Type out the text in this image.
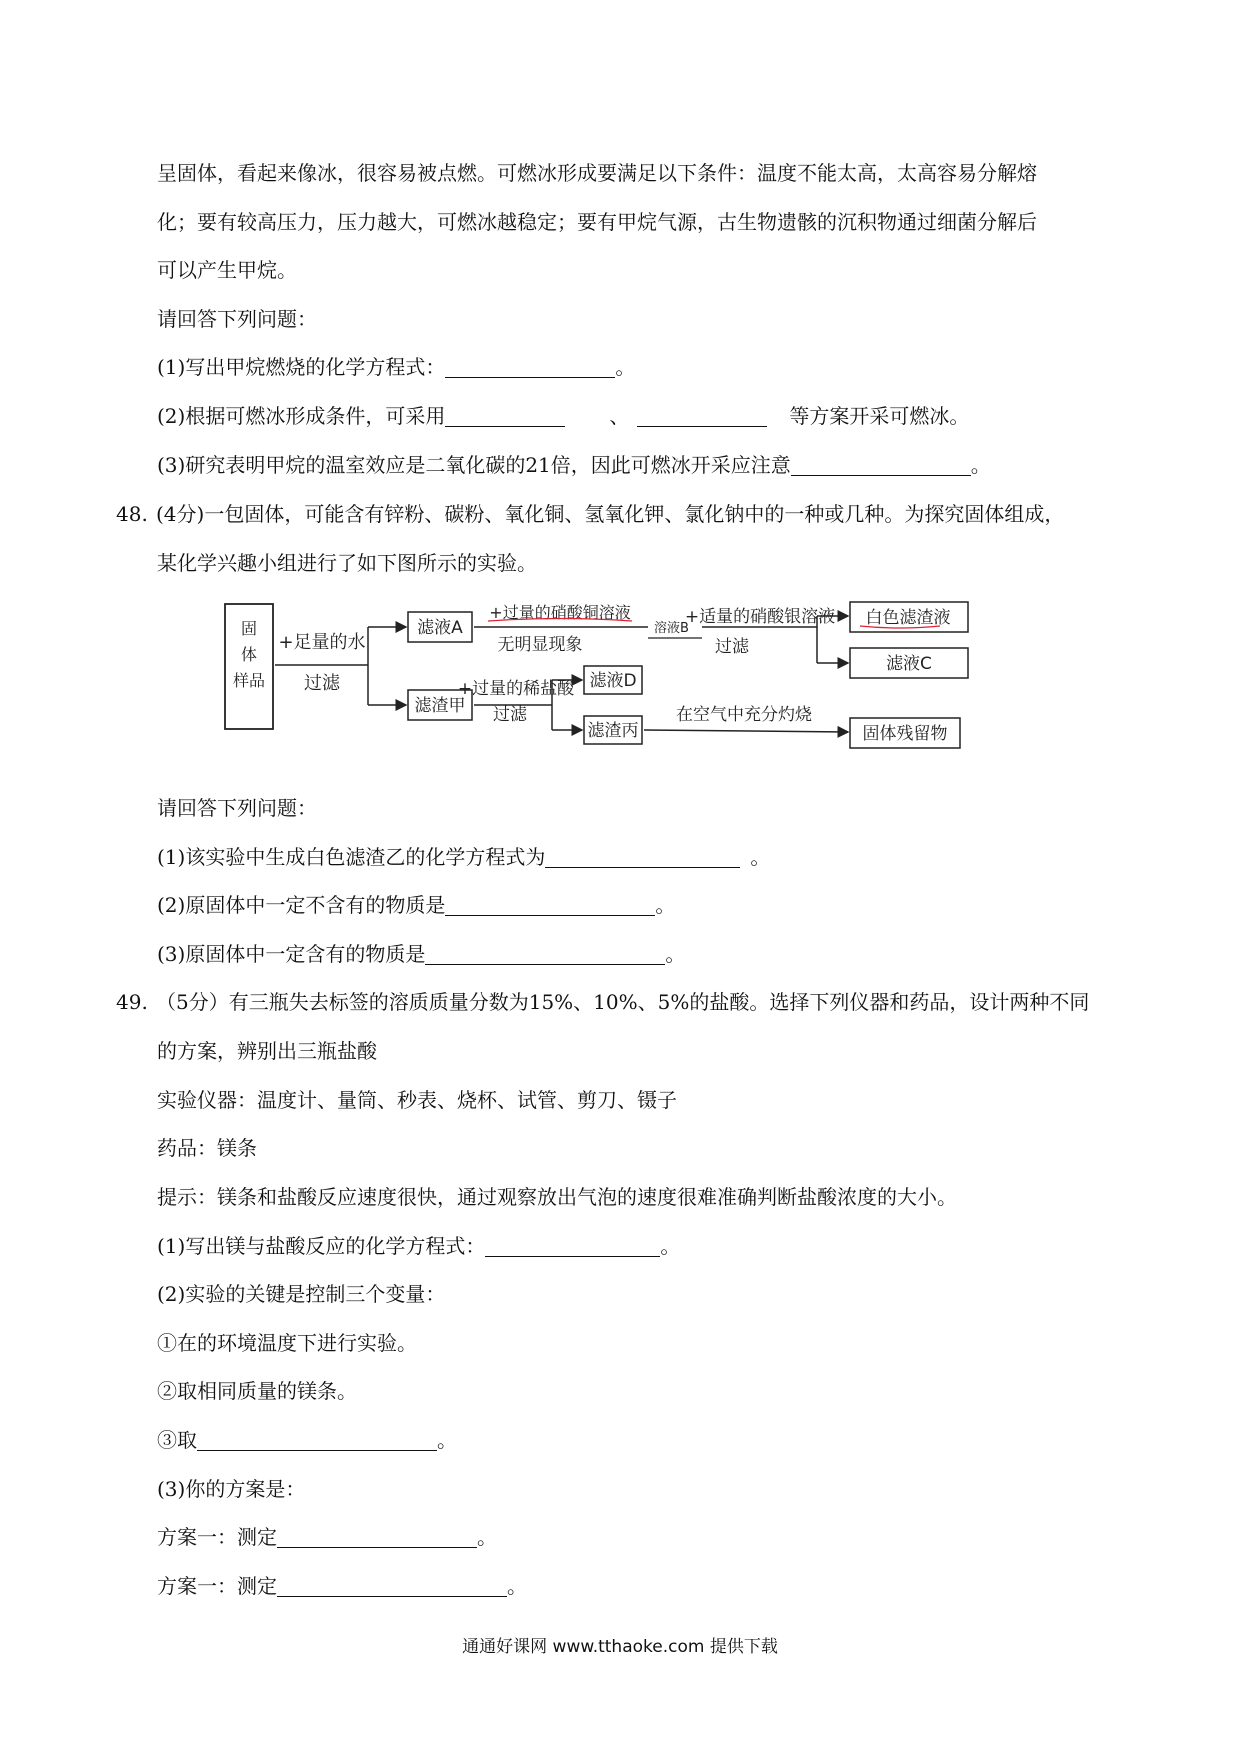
呈固体，看起来像冰，很容易被点燃。可燃冰形成要满足以下条件：温度不能太高，太高容易分解熔
化；要有较高压力，压力越大，可燃冰越稳定；要有甲烷气源，古生物遗骸的沉积物通过细菌分解后
可以产生甲烷。
请回答下列问题：
(1)写出甲烷燃烧的化学方程式：	。
(2)根据可燃冰形成条件，可采用	、	等方案开采可燃冰。
(3)研究表明甲烷的温室效应是二氧化碳的21倍，因此可燃冰开采应注意	。
48. (4分)一包固体，可能含有锌粉、碳粉、氧化铜、氢氧化钾、氯化钠中的一种或几种。为探究固体组成，
某化学兴趣小组进行了如下图所示的实验。
固
体
样品
+足量的水
过滤
滤液A
+过量的硝酸铜溶液
无明显现象
溶液B
+适量的硝酸银溶液
过滤
白色滤渣液
滤液C
滤渣甲
+过量的稀盐酸
过滤
滤液D
滤渣丙
在空气中充分灼烧
固体残留物
请回答下列问题：
(1)该实验中生成白色滤渣乙的化学方程式为	。
(2)原固体中一定不含有的物质是	。
(3)原固体中一定含有的物质是	。
49. （5分）有三瓶失去标签的溶质质量分数为15%、10%、5%的盐酸。选择下列仪器和药品，设计两种不同
的方案，辨别出三瓶盐酸
实验仪器：温度计、量筒、秒表、烧杯、试管、剪刀、镊子
药品：镁条
提示：镁条和盐酸反应速度很快，通过观察放出气泡的速度很难准确判断盐酸浓度的大小。
(1)写出镁与盐酸反应的化学方程式：	。
(2)实验的关键是控制三个变量：
①在的环境温度下进行实验。
②取相同质量的镁条。
③取	。
(3)你的方案是：
方案一：测定	。
方案一：测定	。
通通好课网 www.tthaoke.com 提供下载
